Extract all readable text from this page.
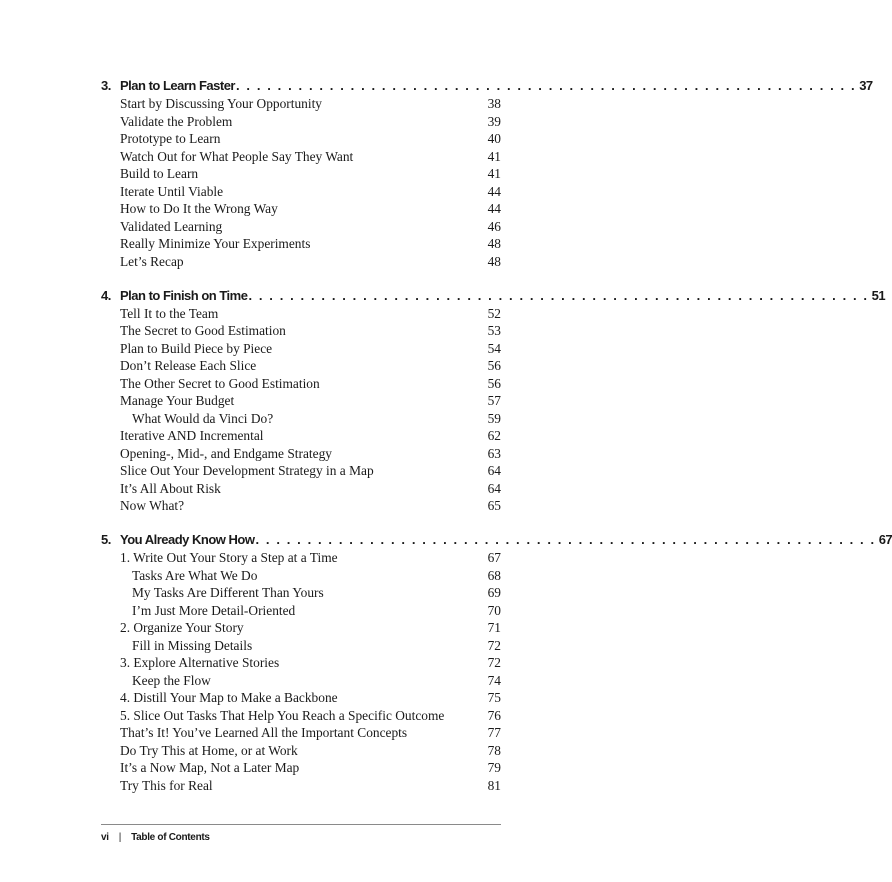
3. Plan to Learn Faster . . . . . . . . . . . . . . . . . . . . . . . . . . . . . . . . . . . . . . . . . . . . . . . . . . . . . . . . . . . . 37
Start by Discussing Your Opportunity	38
Validate the Problem	39
Prototype to Learn	40
Watch Out for What People Say They Want	41
Build to Learn	41
Iterate Until Viable	44
How to Do It the Wrong Way	44
Validated Learning	46
Really Minimize Your Experiments	48
Let’s Recap	48
4. Plan to Finish on Time . . . . . . . . . . . . . . . . . . . . . . . . . . . . . . . . . . . . . . . . . . . . . . . . . . . . . . . . . . . . 51
Tell It to the Team	52
The Secret to Good Estimation	53
Plan to Build Piece by Piece	54
Don’t Release Each Slice	56
The Other Secret to Good Estimation	56
Manage Your Budget	57
What Would da Vinci Do?	59
Iterative AND Incremental	62
Opening-, Mid-, and Endgame Strategy	63
Slice Out Your Development Strategy in a Map	64
It’s All About Risk	64
Now What?	65
5. You Already Know How . . . . . . . . . . . . . . . . . . . . . . . . . . . . . . . . . . . . . . . . . . . . . . . . . . . . . . . . . . . . 67
1. Write Out Your Story a Step at a Time	67
Tasks Are What We Do	68
My Tasks Are Different Than Yours	69
I’m Just More Detail-Oriented	70
2. Organize Your Story	71
Fill in Missing Details	72
3. Explore Alternative Stories	72
Keep the Flow	74
4. Distill Your Map to Make a Backbone	75
5. Slice Out Tasks That Help You Reach a Specific Outcome	76
That’s It! You’ve Learned All the Important Concepts	77
Do Try This at Home, or at Work	78
It’s a Now Map, Not a Later Map	79
Try This for Real	81
vi | Table of Contents
